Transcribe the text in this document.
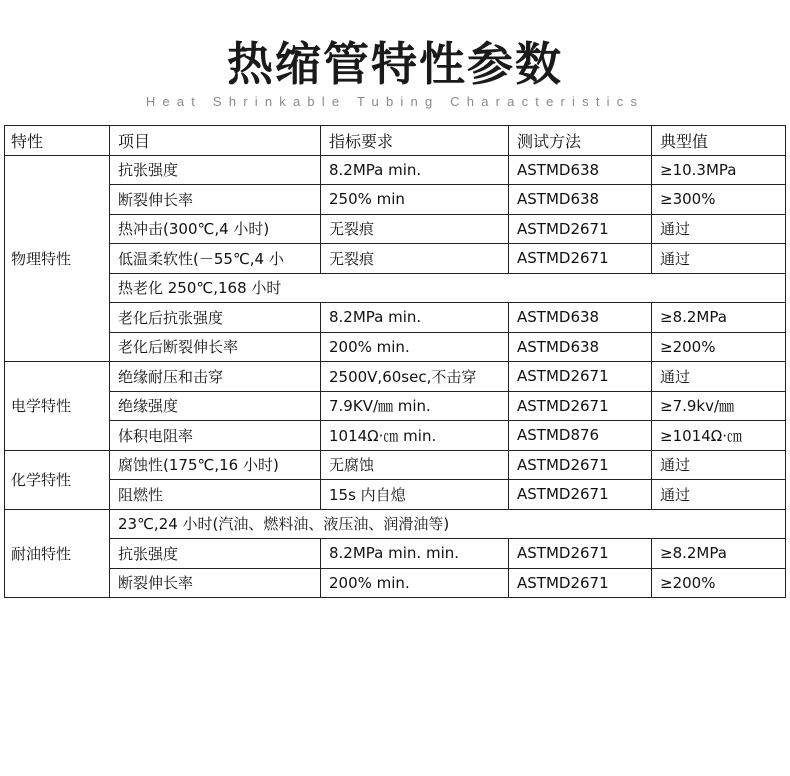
热缩管特性参数
Heat Shrinkable Tubing Characteristics
特性	项目	指标要求	测试方法	典型值
物理特性	抗张强度	8.2MPa min.	ASTMD638	≥10.3MPa
	断裂伸长率	250% min	ASTMD638	≥300%
	热冲击(300℃,4 小时)	无裂痕	ASTMD2671	通过
	低温柔软性(－55℃,4 小	无裂痕	ASTMD2671	通过
	热老化 250℃,168 小时			
	老化后抗张强度	8.2MPa min.	ASTMD638	≥8.2MPa
	老化后断裂伸长率	200% min.	ASTMD638	≥200%
电学特性	绝缘耐压和击穿	2500V,60sec,不击穿	ASTMD2671	通过
	绝缘强度	7.9KV/㎜ min.	ASTMD2671	≥7.9kv/㎜
	体积电阻率	1014Ω·㎝ min.	ASTMD876	≥1014Ω·㎝
化学特性	腐蚀性(175℃,16 小时)	无腐蚀	ASTMD2671	通过
	阻燃性	15s 内自熄	ASTMD2671	通过
耐油特性	23℃,24 小时(汽油、燃料油、液压油、润滑油等)			
	抗张强度	8.2MPa min. min.	ASTMD2671	≥8.2MPa
	断裂伸长率	200% min.	ASTMD2671	≥200%
